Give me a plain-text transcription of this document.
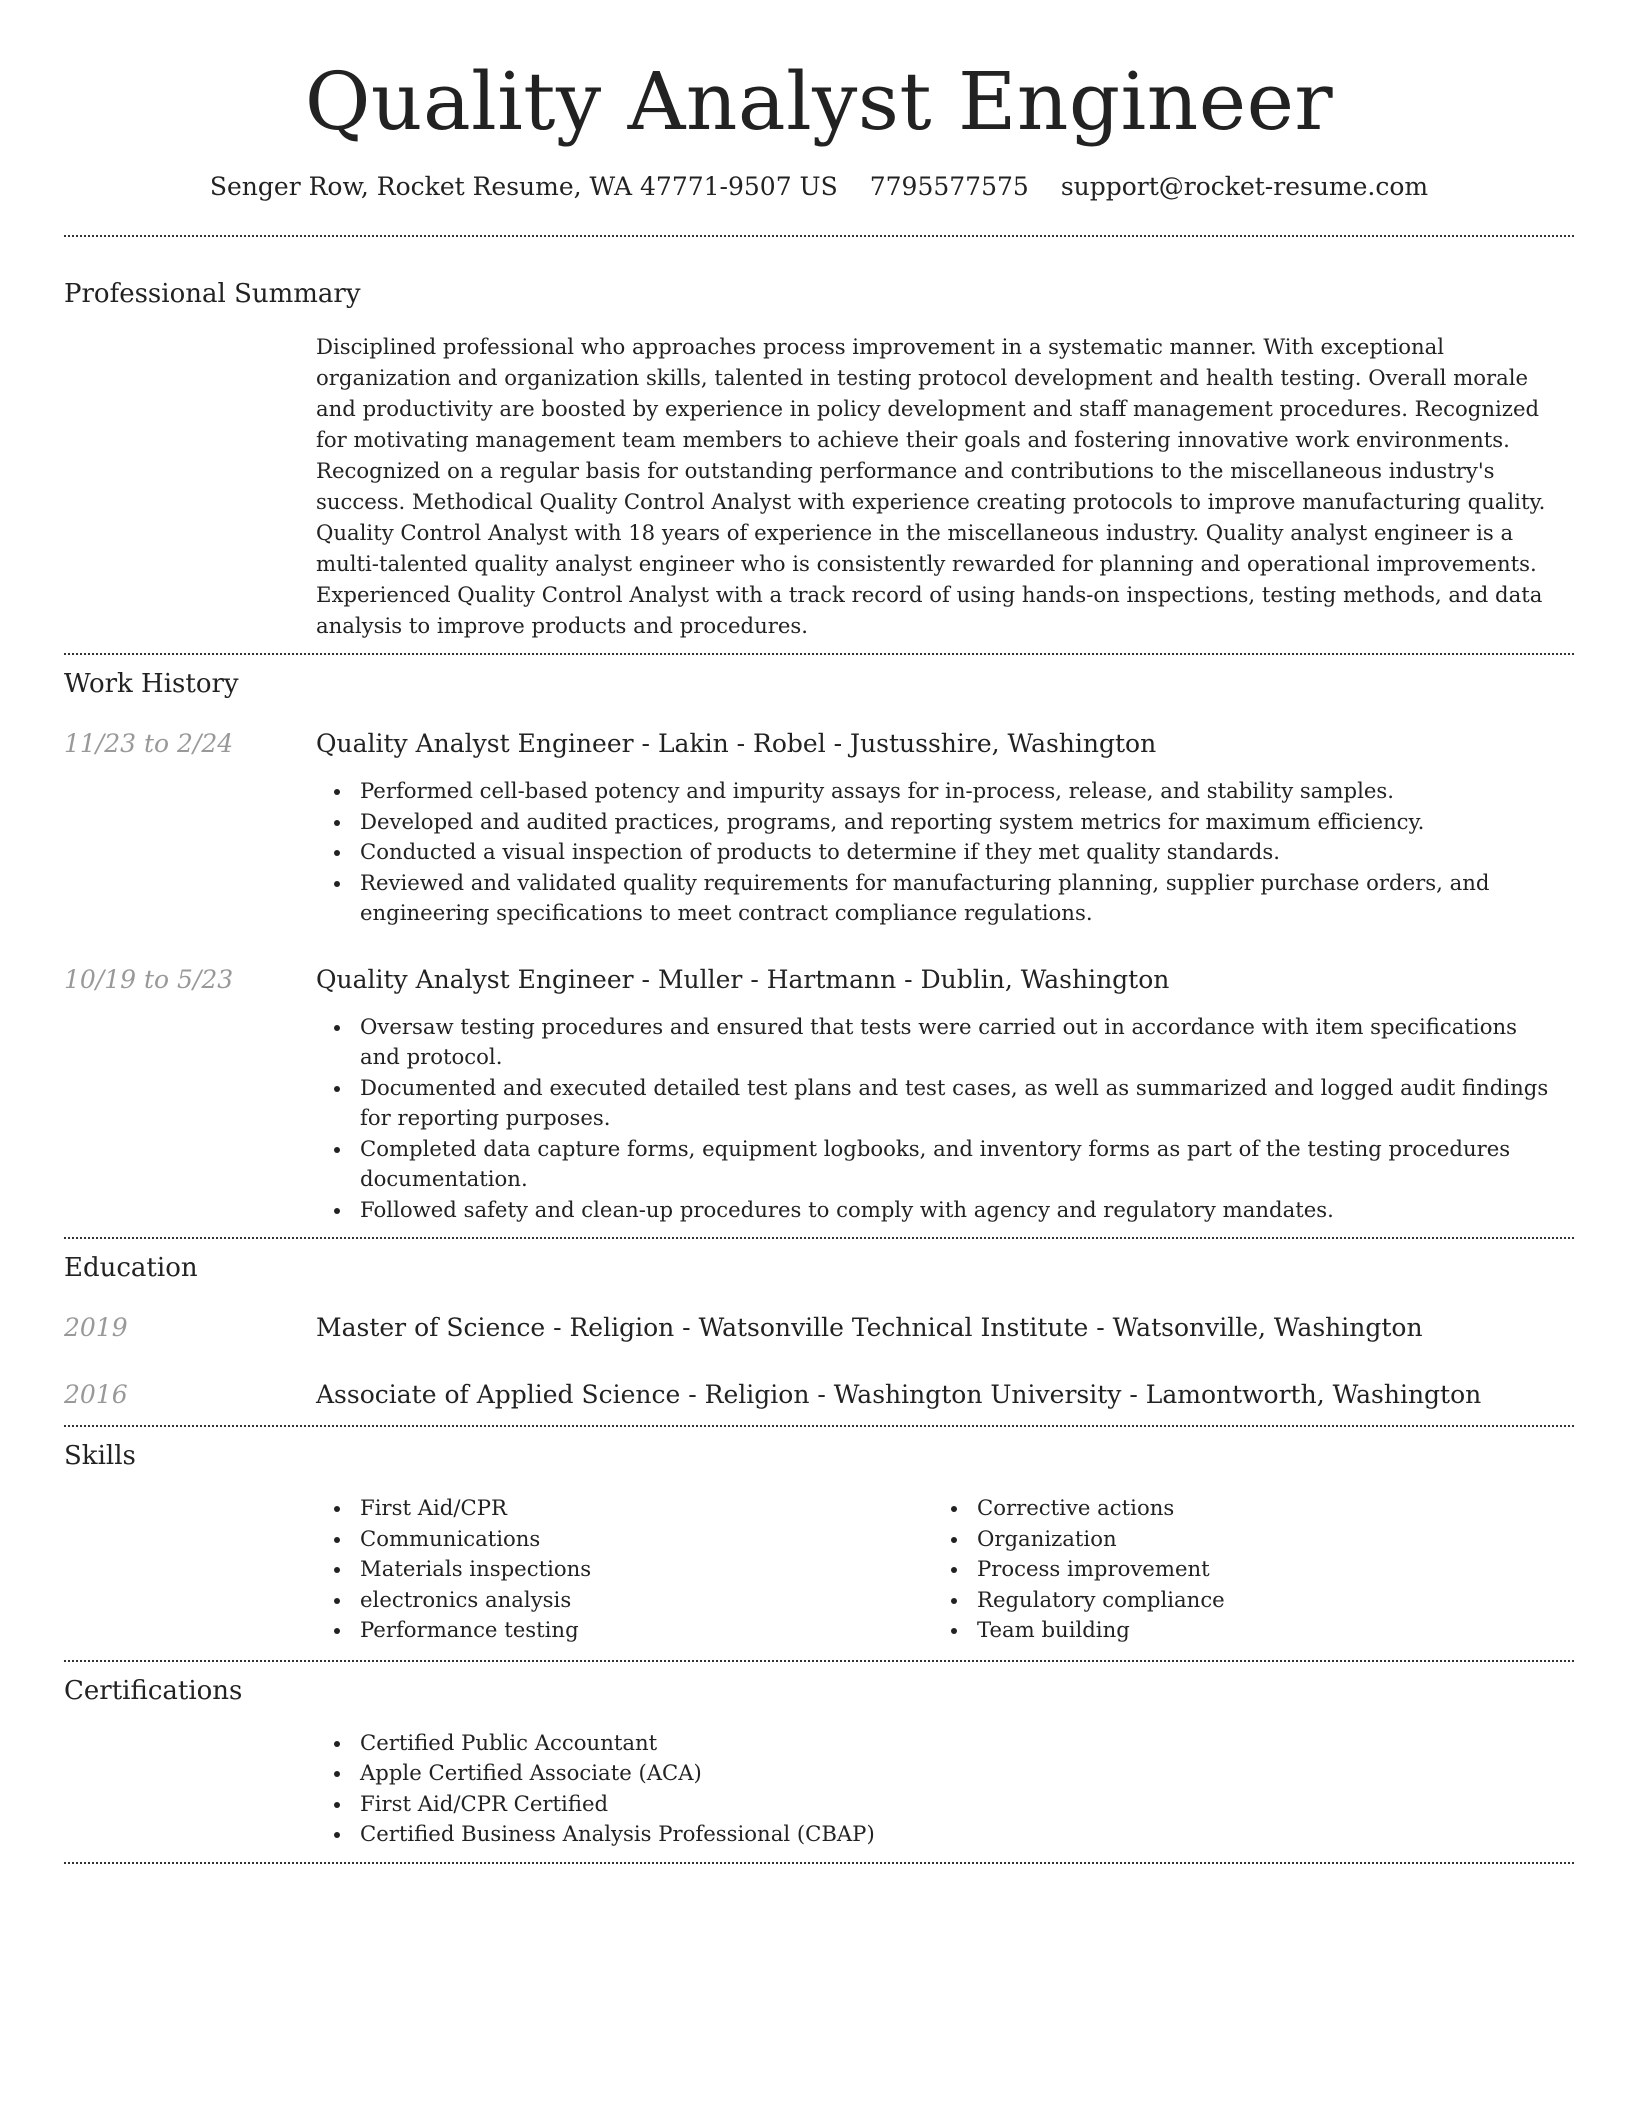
Quality Analyst Engineer
Senger Row, Rocket Resume, WA 47771-9507 US 7795577575 support@rocket-resume.com
Professional Summary
Disciplined professional who approaches process improvement in a systematic manner. With exceptional organization and organization skills, talented in testing protocol development and health testing. Overall morale and productivity are boosted by experience in policy development and staff management procedures. Recognized for motivating management team members to achieve their goals and fostering innovative work environments. Recognized on a regular basis for outstanding performance and contributions to the miscellaneous industry's success. Methodical Quality Control Analyst with experience creating protocols to improve manufacturing quality. Quality Control Analyst with 18 years of experience in the miscellaneous industry. Quality analyst engineer is a multi-talented quality analyst engineer who is consistently rewarded for planning and operational improvements. Experienced Quality Control Analyst with a track record of using hands-on inspections, testing methods, and data analysis to improve products and procedures.
Work History
11/23 to 2/24	Quality Analyst Engineer - Lakin - Robel - Justusshire, Washington
Performed cell-based potency and impurity assays for in-process, release, and stability samples.
Developed and audited practices, programs, and reporting system metrics for maximum efficiency.
Conducted a visual inspection of products to determine if they met quality standards.
Reviewed and validated quality requirements for manufacturing planning, supplier purchase orders, and engineering specifications to meet contract compliance regulations.
10/19 to 5/23	Quality Analyst Engineer - Muller - Hartmann - Dublin, Washington
Oversaw testing procedures and ensured that tests were carried out in accordance with item specifications and protocol.
Documented and executed detailed test plans and test cases, as well as summarized and logged audit findings for reporting purposes.
Completed data capture forms, equipment logbooks, and inventory forms as part of the testing procedures documentation.
Followed safety and clean-up procedures to comply with agency and regulatory mandates.
Education
2019	Master of Science - Religion - Watsonville Technical Institute - Watsonville, Washington
2016	Associate of Applied Science - Religion - Washington University - Lamontworth, Washington
Skills
First Aid/CPR
Communications
Materials inspections
electronics analysis
Performance testing
Corrective actions
Organization
Process improvement
Regulatory compliance
Team building
Certifications
Certified Public Accountant
Apple Certified Associate (ACA)
First Aid/CPR Certified
Certified Business Analysis Professional (CBAP)
